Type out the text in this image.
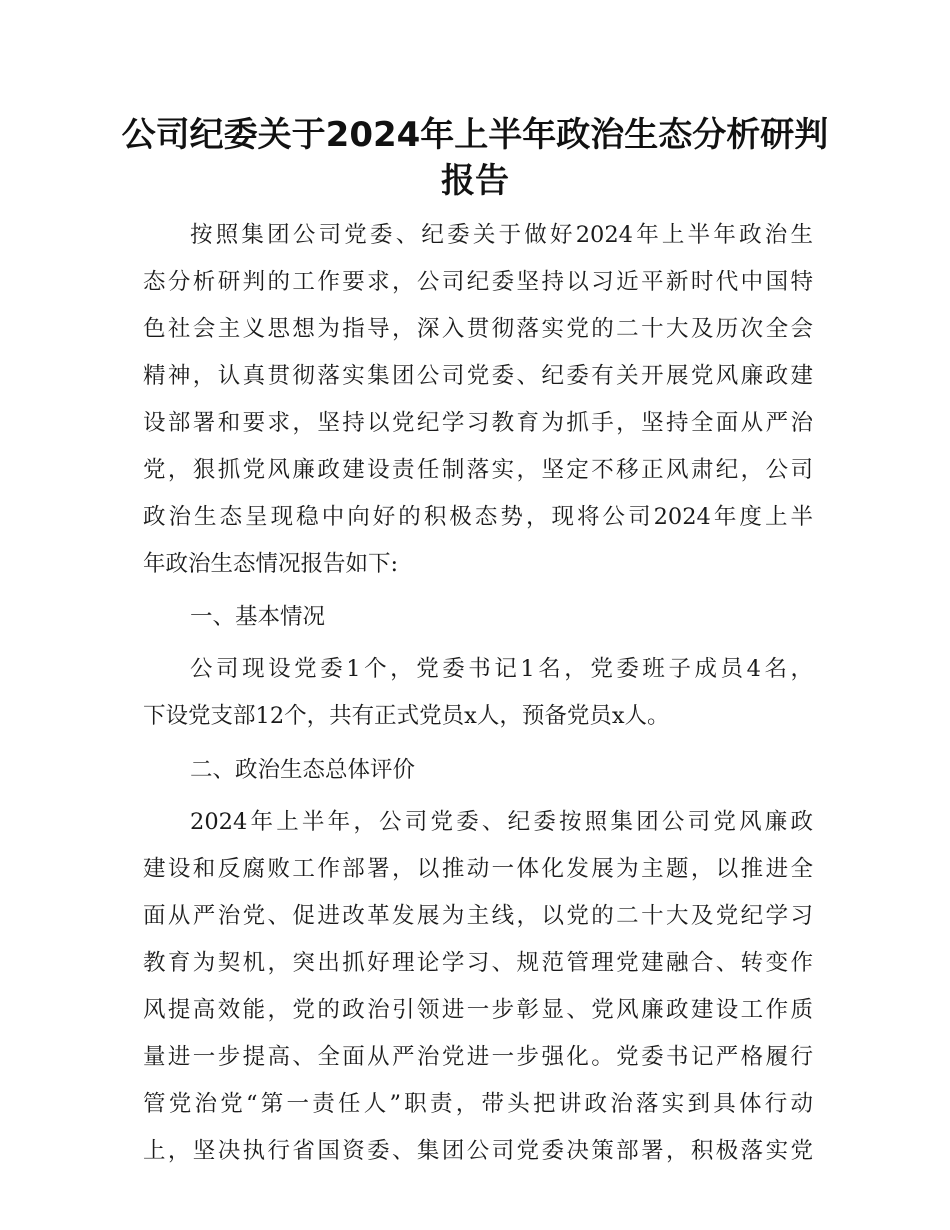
公司纪委关于2024年上半年政治生态分析研判
报告
按照集团公司党委、纪委关于做好2024年上半年政治生
态分析研判的工作要求，公司纪委坚持以习近平新时代中国特
色社会主义思想为指导，深入贯彻落实党的二十大及历次全会
精神，认真贯彻落实集团公司党委、纪委有关开展党风廉政建
设部署和要求，坚持以党纪学习教育为抓手，坚持全面从严治
党，狠抓党风廉政建设责任制落实，坚定不移正风肃纪，公司
政治生态呈现稳中向好的积极态势，现将公司2024年度上半
年政治生态情况报告如下:
一、基本情况
公司现设党委1个，党委书记1名，党委班子成员4名，
下设党支部12个，共有正式党员x人，预备党员x人。
二、政治生态总体评价
2024年上半年，公司党委、纪委按照集团公司党风廉政
建设和反腐败工作部署，以推动一体化发展为主题，以推进全
面从严治党、促进改革发展为主线，以党的二十大及党纪学习
教育为契机，突出抓好理论学习、规范管理党建融合、转变作
风提高效能，党的政治引领进一步彰显、党风廉政建设工作质
量进一步提高、全面从严治党进一步强化。党委书记严格履行
管党治党“第一责任人”职责，带头把讲政治落实到具体行动
上，坚决执行省国资委、集团公司党委决策部署，积极落实党
